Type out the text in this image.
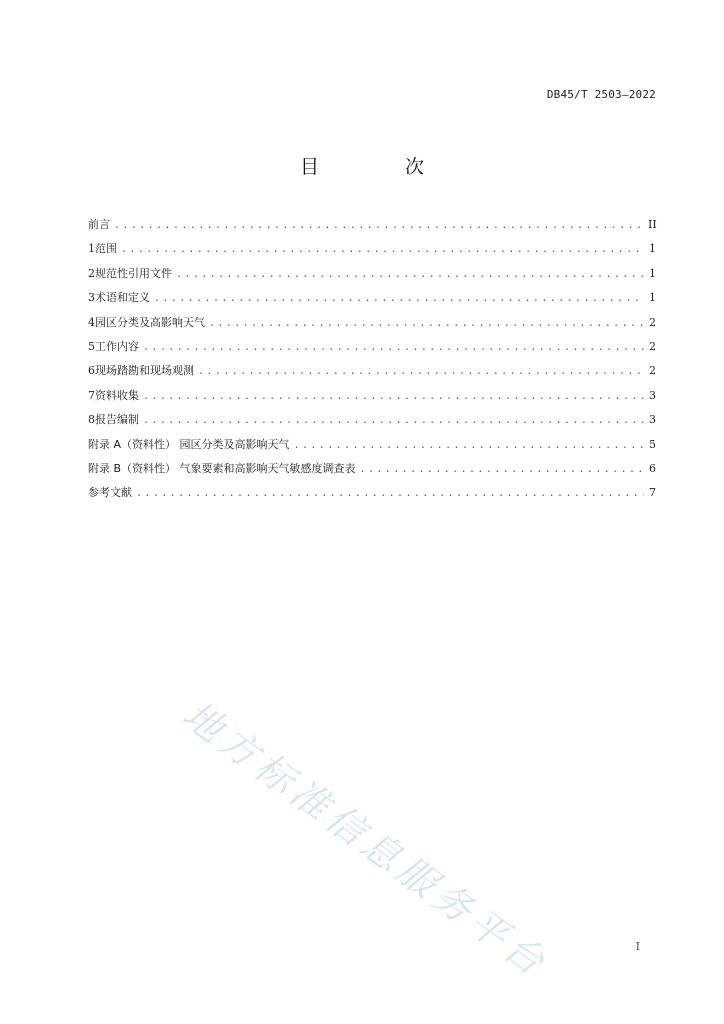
DB45/T 2503—2022
目 次
前言 .....	II
1 范围 .....	1
2 规范性引用文件 .....	1
3 术语和定义 .....	1
4 园区分类及高影响天气 .....	2
5 工作内容 .....	2
6 现场踏勘和现场观测 .....	2
7 资料收集 .....	3
8 报告编制 .....	3
附录 A（资料性） 园区分类及高影响天气 .....	5
附录 B（资料性） 气象要素和高影响天气敏感度调查表 .....	6
参考文献 .....	7
地方标准信息服务平台	I
